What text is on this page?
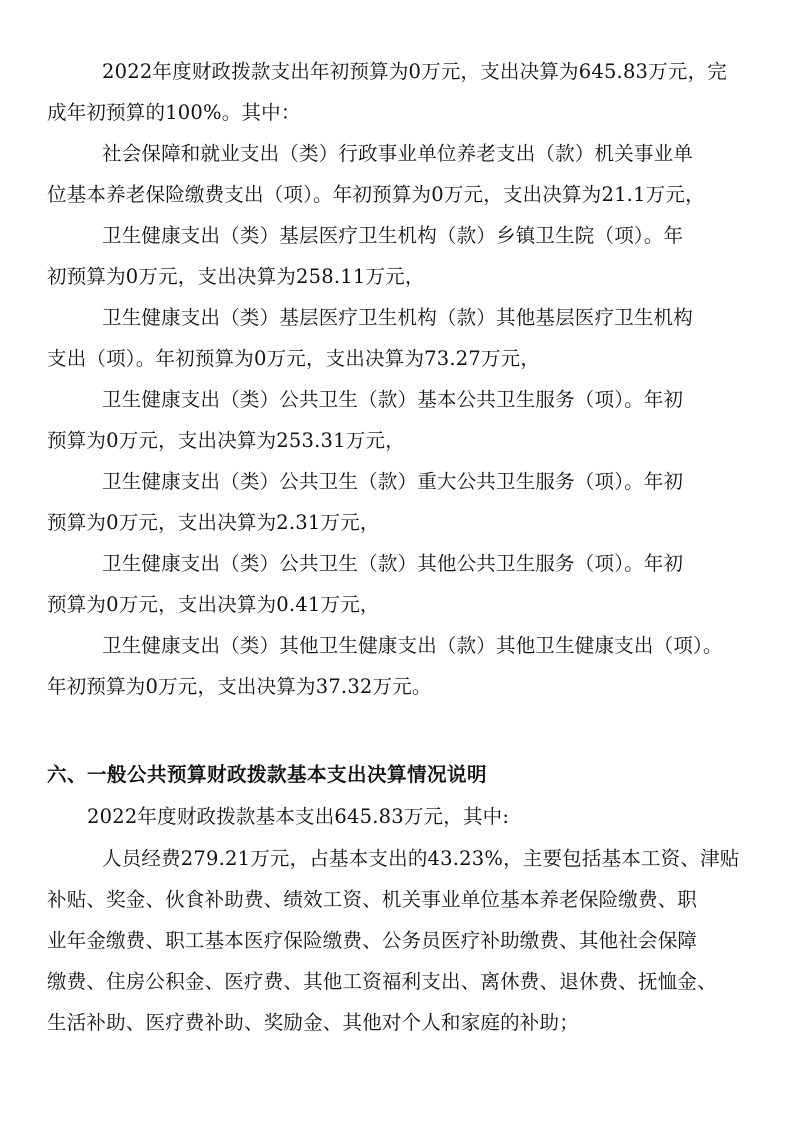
2022年度财政拨款支出年初预算为0万元，支出决算为645.83万元，完
成年初预算的100%。其中：
社会保障和就业支出（类）行政事业单位养老支出（款）机关事业单
位基本养老保险缴费支出（项）。年初预算为0万元，支出决算为21.1万元，
卫生健康支出（类）基层医疗卫生机构（款）乡镇卫生院（项）。年
初预算为0万元，支出决算为258.11万元，
卫生健康支出（类）基层医疗卫生机构（款）其他基层医疗卫生机构
支出（项）。年初预算为0万元，支出决算为73.27万元，
卫生健康支出（类）公共卫生（款）基本公共卫生服务（项）。年初
预算为0万元，支出决算为253.31万元，
卫生健康支出（类）公共卫生（款）重大公共卫生服务（项）。年初
预算为0万元，支出决算为2.31万元，
卫生健康支出（类）公共卫生（款）其他公共卫生服务（项）。年初
预算为0万元，支出决算为0.41万元，
卫生健康支出（类）其他卫生健康支出（款）其他卫生健康支出（项）。
年初预算为0万元，支出决算为37.32万元。
六、一般公共预算财政拨款基本支出决算情况说明
2022年度财政拨款基本支出645.83万元，其中:
人员经费279.21万元，占基本支出的43.23%，主要包括基本工资、津贴
补贴、奖金、伙食补助费、绩效工资、机关事业单位基本养老保险缴费、职
业年金缴费、职工基本医疗保险缴费、公务员医疗补助缴费、其他社会保障
缴费、住房公积金、医疗费、其他工资福利支出、离休费、退休费、抚恤金、
生活补助、医疗费补助、奖励金、其他对个人和家庭的补助；
